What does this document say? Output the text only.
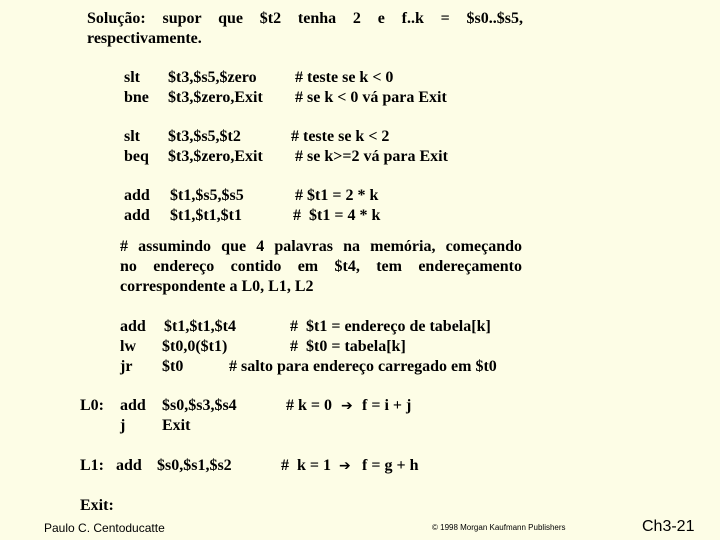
Solução: supor que $t2 tenha 2 e f..k = $s0..$s5,
respectivamente.
slt $t3,$s5,$zero # teste se k < 0
bne $t3,$zero,Exit # se k < 0 vá para Exit
slt $t3,$s5,$t2	# teste se k < 2
beq $t3,$zero,Exit # se k>=2 vá para Exit
add $t1,$s5,$s5	# $t1 = 2 * k
add $t1,$t1,$t1	#  $t1 = 4 * k
# assumindo que 4 palavras na memória, começando
no endereço contido em $t4, tem endereçamento
correspondente a L0, L1, L2
add $t1,$t1,$t4	#  $t1 = endereço de tabela[k]
lw $t0,0($t1)	#  $t0 = tabela[k]
jr $t0	# salto para endereço carregado em $t0
L0: add $s0,$s3,$s4	# k = 0 ➔ f = i + j
j Exit
L1: add $s0,$s1,$s2	#  k = 1 ➔ f = g + h
Exit:
Paulo C. Centoducatte	© 1998 Morgan Kaufmann Publishers	Ch3-21
